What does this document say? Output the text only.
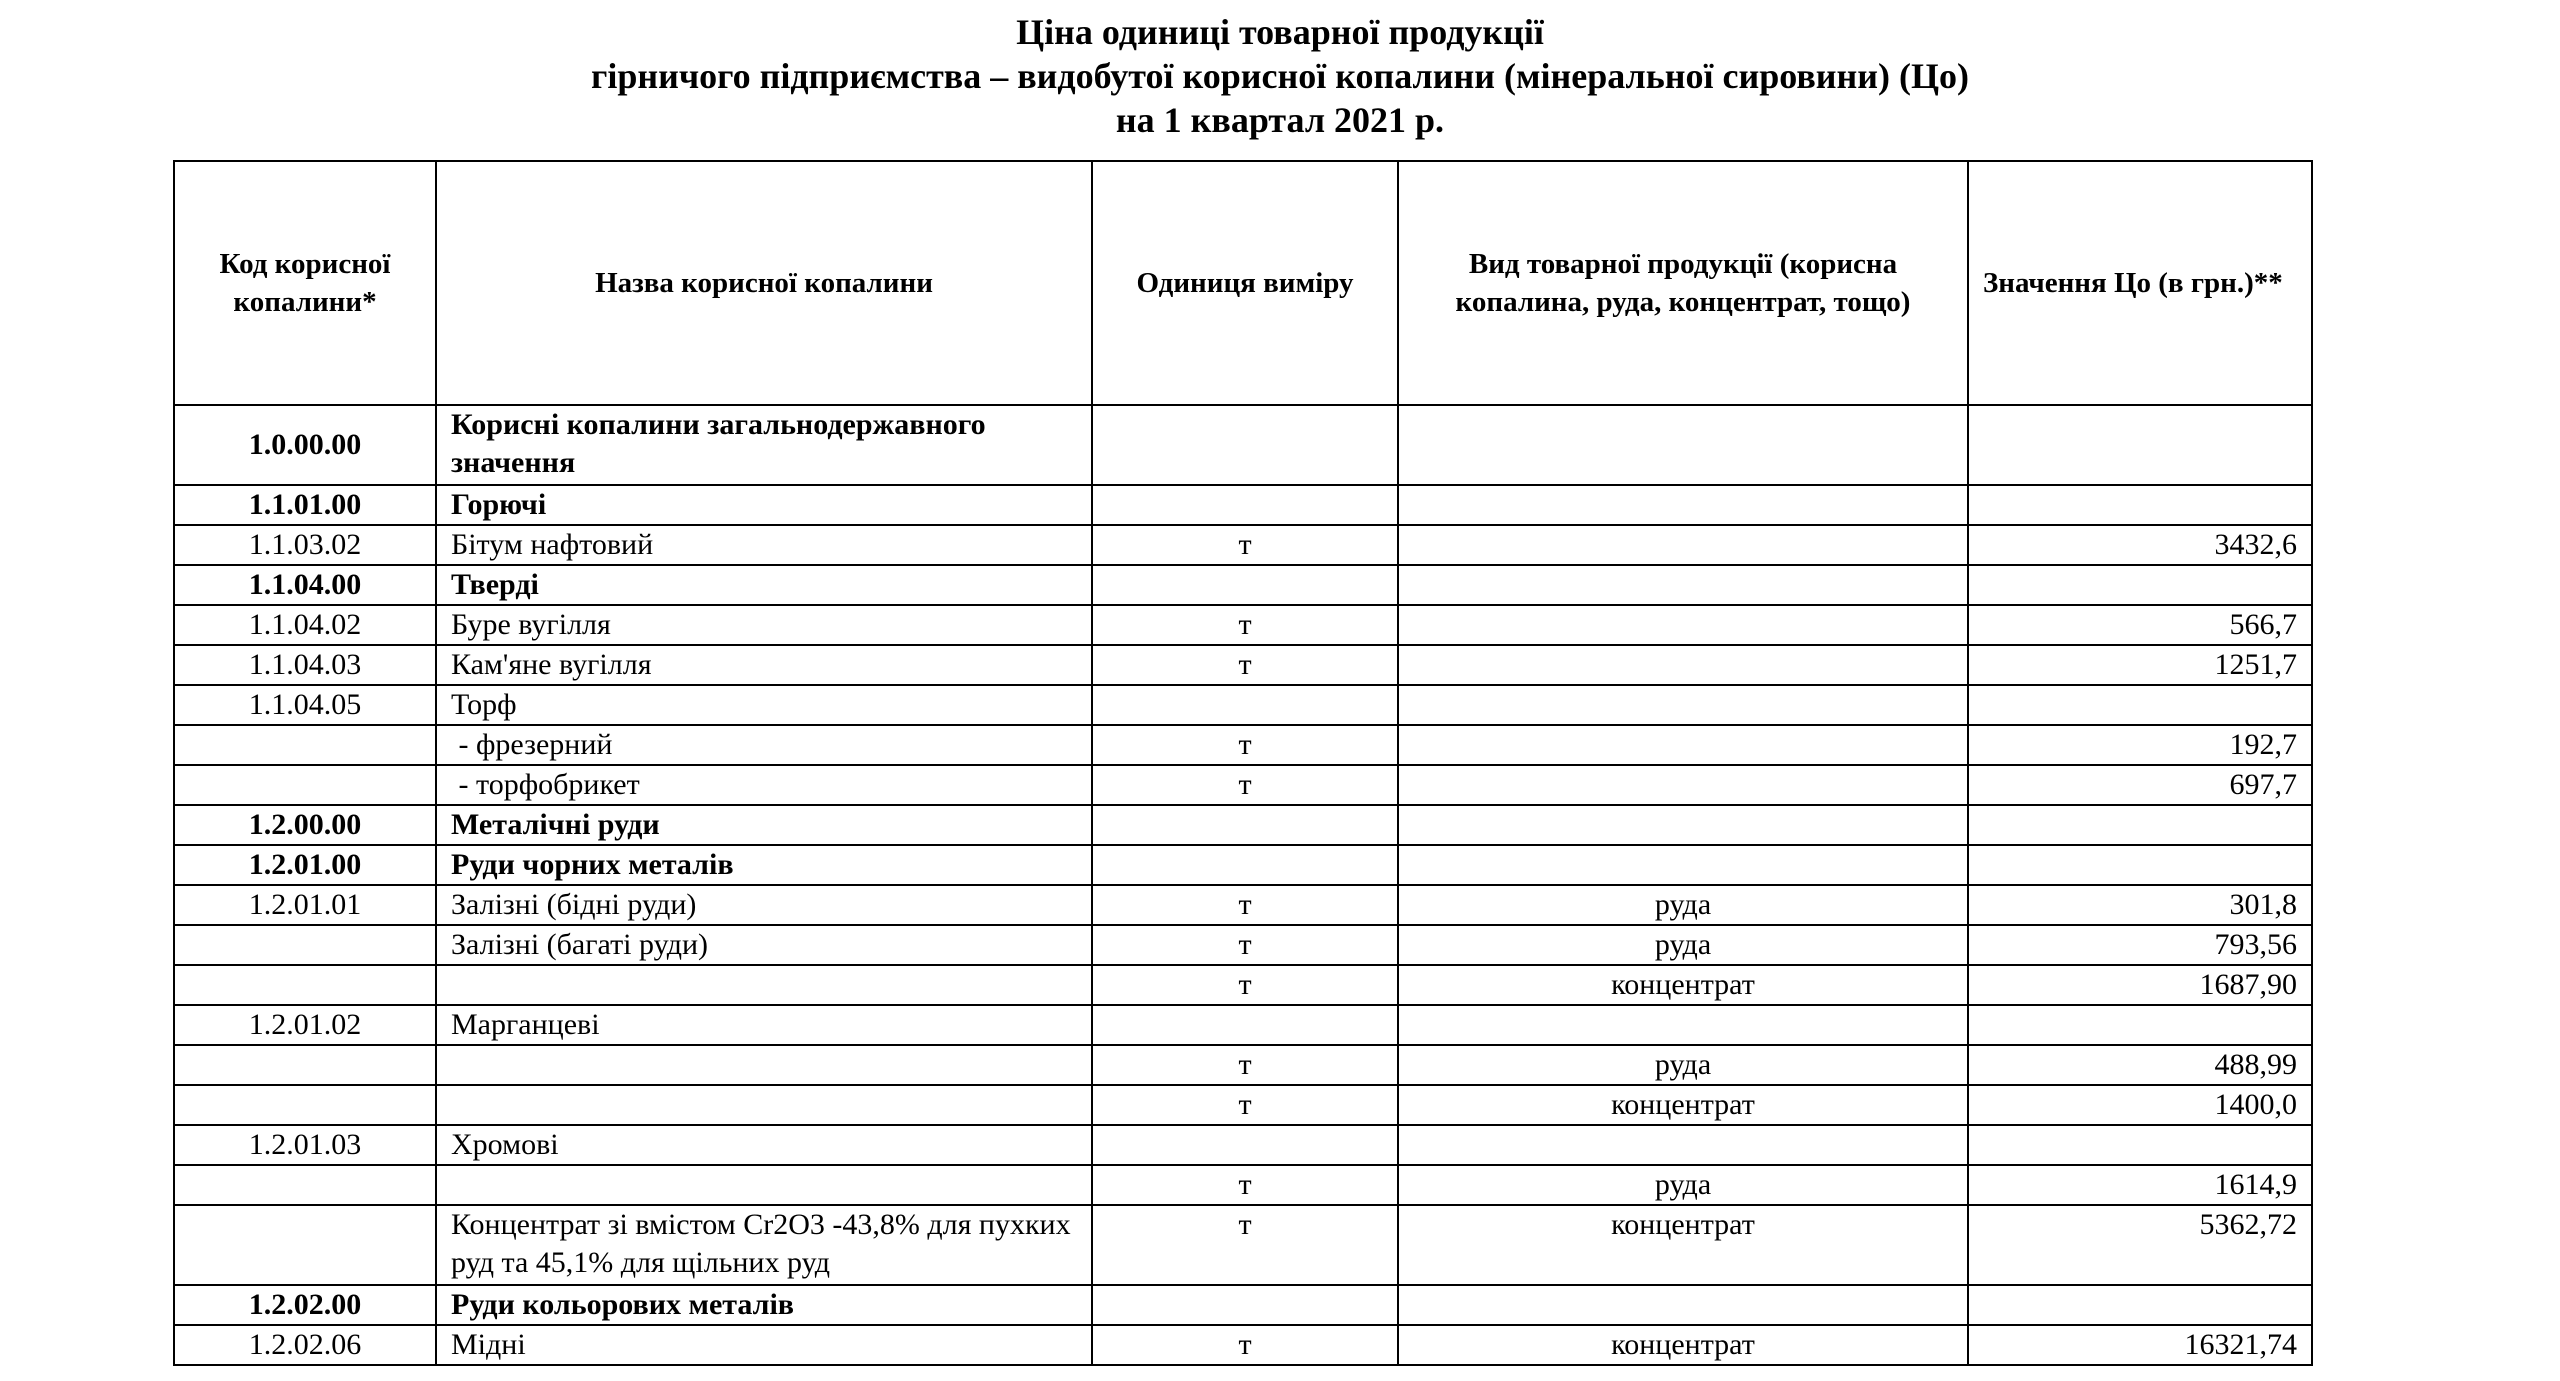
Ціна одиниці товарної продукції
гірничого підприємства – видобутої корисної копалини (мінеральної сировини) (Цо)
на 1 квартал 2021 р.
Код корисної копалини*	Назва корисної копалини	Одиниця виміру	Вид товарної продукції (корисна копалина, руда, концентрат, тощо)	Значення Цо (в грн.)**
1.0.00.00	Корисні копалини загальнодержавного значення			
1.1.01.00	Горючі			
1.1.03.02	Бітум нафтовий	т		3432,6
1.1.04.00	Тверді			
1.1.04.02	Буре вугілля	т		566,7
1.1.04.03	Кам'яне вугілля	т		1251,7
1.1.04.05	Торф			
	- фрезерний	т		192,7
	- торфобрикет	т		697,7
1.2.00.00	Металічні руди			
1.2.01.00	Руди чорних металів			
1.2.01.01	Залізні (бідні руди)	т	руда	301,8
	Залізні (багаті руди)	т	руда	793,56
		т	концентрат	1687,90
1.2.01.02	Марганцеві			
		т	руда	488,99
		т	концентрат	1400,0
1.2.01.03	Хромові			
		т	руда	1614,9
	Концентрат зі вмістом Cr2O3 -43,8% для пухких руд та 45,1% для щільних руд	т	концентрат	5362,72
1.2.02.00	Руди кольорових металів			
1.2.02.06	Мідні	т	концентрат	16321,74
